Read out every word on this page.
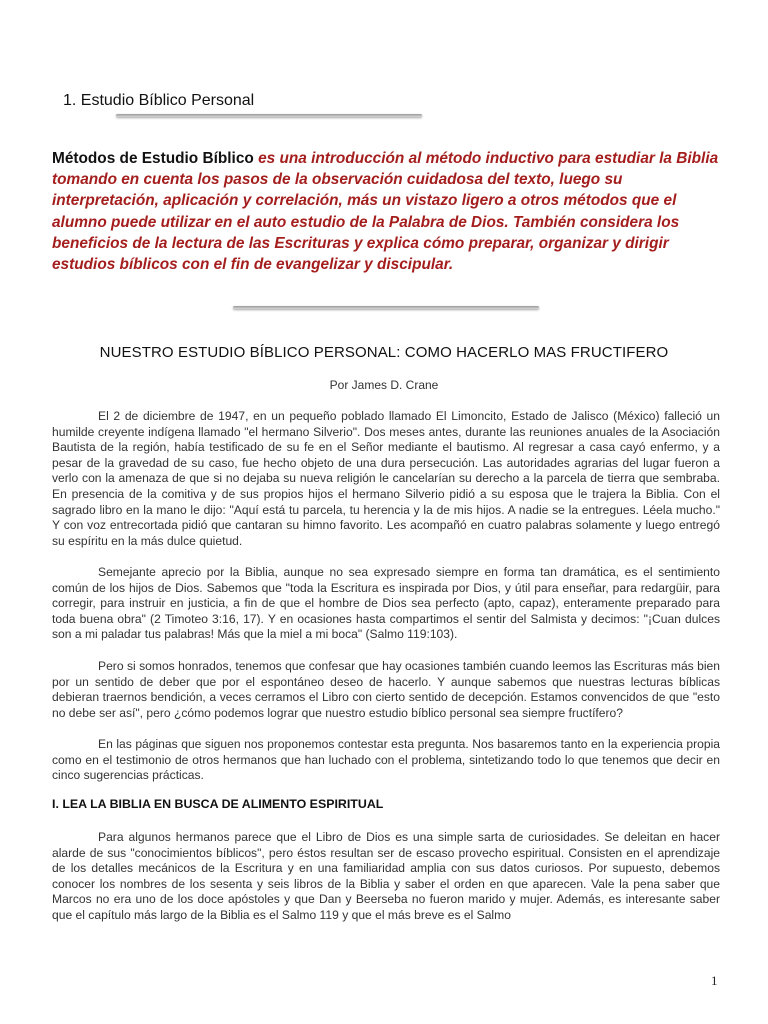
1. Estudio Bíblico Personal

Métodos de Estudio Bíblico es una introducción al método inductivo para estudiar la Biblia tomando en cuenta los pasos de la observación cuidadosa del texto, luego su interpretación, aplicación y correlación, más un vistazo ligero a otros métodos que el alumno puede utilizar en el auto estudio de la Palabra de Dios. También considera los beneficios de la lectura de las Escrituras y explica cómo preparar, organizar y dirigir estudios bíblicos con el fin de evangelizar y discipular.

NUESTRO ESTUDIO BÍBLICO PERSONAL: COMO HACERLO MAS FRUCTIFERO
Por James D. Crane

El 2 de diciembre de 1947, en un pequeño poblado llamado El Limoncito, Estado de Jalisco (México) falleció un humilde creyente indígena llamado "el hermano Silverio". Dos meses antes, durante las reuniones anuales de la Asociación Bautista de la región, había testificado de su fe en el Señor mediante el bautismo. Al regresar a casa cayó enfermo, y a pesar de la gravedad de su caso, fue hecho objeto de una dura persecución. Las autoridades agrarias del lugar fueron a verlo con la amenaza de que si no dejaba su nueva religión le cancelarían su derecho a la parcela de tierra que sembraba. En presencia de la comitiva y de sus propios hijos el hermano Silverio pidió a su esposa que le trajera la Biblia. Con el sagrado libro en la mano le dijo: "Aquí está tu parcela, tu herencia y la de mis hijos. A nadie se la entregues. Léela mucho." Y con voz entrecortada pidió que cantaran su himno favorito. Les acompañó en cuatro palabras solamente y luego entregó su espíritu en la más dulce quietud.

Semejante aprecio por la Biblia, aunque no sea expresado siempre en forma tan dramática, es el sentimiento común de los hijos de Dios. Sabemos que "toda la Escritura es inspirada por Dios, y útil para enseñar, para redargüir, para corregir, para instruir en justicia, a fin de que el hombre de Dios sea perfecto (apto, capaz), enteramente preparado para toda buena obra" (2 Timoteo 3:16, 17). Y en ocasiones hasta compartimos el sentir del Salmista y decimos: "¡Cuan dulces son a mi paladar tus palabras! Más que la miel a mi boca" (Salmo 119:103).

Pero si somos honrados, tenemos que confesar que hay ocasiones también cuando leemos las Escrituras más bien por un sentido de deber que por el espontáneo deseo de hacerlo. Y aunque sabemos que nuestras lecturas bíblicas debieran traernos bendición, a veces cerramos el Libro con cierto sentido de decepción. Estamos convencidos de que "esto no debe ser así", pero ¿cómo podemos lograr que nuestro estudio bíblico personal sea siempre fructífero?

En las páginas que siguen nos proponemos contestar esta pregunta. Nos basaremos tanto en la experiencia propia como en el testimonio de otros hermanos que han luchado con el problema, sintetizando todo lo que tenemos que decir en cinco sugerencias prácticas.

I. LEA LA BIBLIA EN BUSCA DE ALIMENTO ESPIRITUAL

Para algunos hermanos parece que el Libro de Dios es una simple sarta de curiosidades. Se deleitan en hacer alarde de sus "conocimientos bíblicos", pero éstos resultan ser de escaso provecho espiritual. Consisten en el aprendizaje de los detalles mecánicos de la Escritura y en una familiaridad amplia con sus datos curiosos. Por supuesto, debemos conocer los nombres de los sesenta y seis libros de la Biblia y saber el orden en que aparecen. Vale la pena saber que Marcos no era uno de los doce apóstoles y que Dan y Beerseba no fueron marido y mujer. Además, es interesante saber que el capítulo más largo de la Biblia es el Salmo 119 y que el más breve es el Salmo

1
